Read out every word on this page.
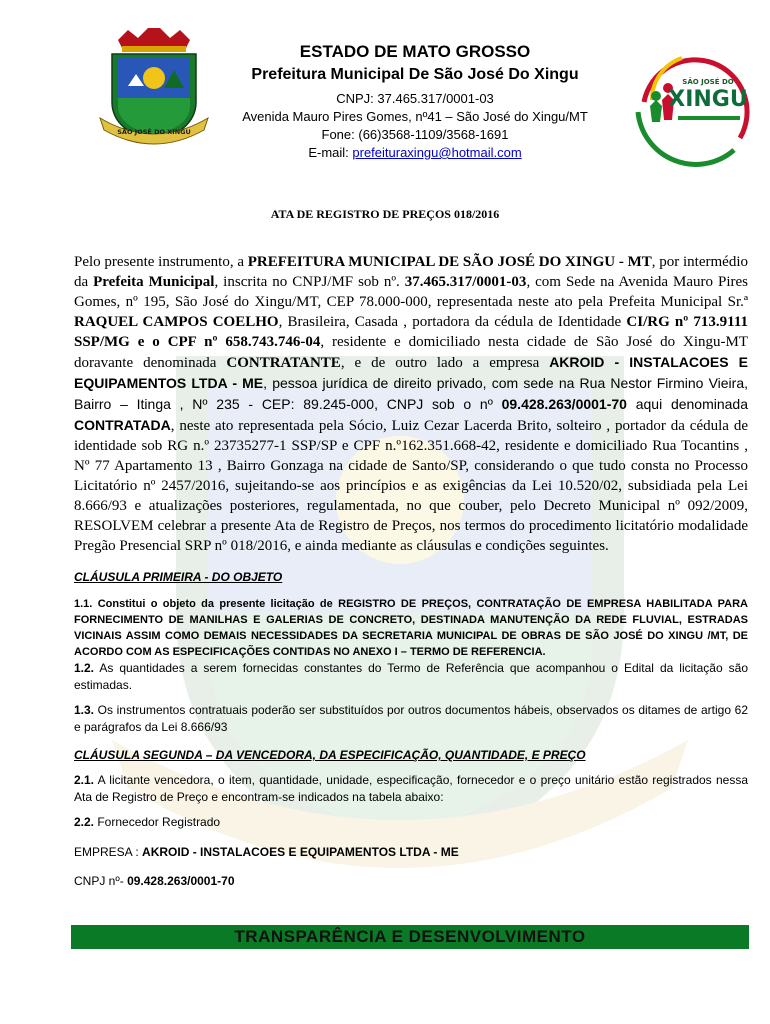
SÃO JOSÉ DO XINGU
SÃO JOSÉ DO
XINGU
ESTADO DE MATO GROSSO
Prefeitura Municipal De São José Do Xingu
CNPJ: 37.465.317/0001-03
Avenida Mauro Pires Gomes, nº41 – São José do Xingu/MT
Fone: (66)3568-1109/3568-1691
E-mail: prefeituraxingu@hotmail.com
ATA DE REGISTRO DE PREÇOS 018/2016

Pelo presente instrumento, a PREFEITURA MUNICIPAL DE SÃO JOSÉ DO XINGU - MT, por intermédio da Prefeita Municipal, inscrita no CNPJ/MF sob nº. 37.465.317/0001-03, com Sede na Avenida Mauro Pires Gomes, nº 195, São José do Xingu/MT, CEP 78.000-000, representada neste ato pela Prefeita Municipal Sr.ª RAQUEL CAMPOS COELHO, Brasileira, Casada , portadora da cédula de Identidade CI/RG nº 713.9111 SSP/MG e o CPF nº 658.743.746-04, residente e domiciliado nesta cidade de São José do Xingu-MT doravante denominada CONTRATANTE, e de outro lado a empresa AKROID - INSTALACOES E EQUIPAMENTOS LTDA - ME, pessoa jurídica de direito privado, com sede na Rua Nestor Firmino Vieira, Bairro – Itinga , Nº 235 - CEP: 89.245-000, CNPJ sob o nº 09.428.263/0001-70 aqui denominada CONTRATADA, neste ato representada pela Sócio, Luiz Cezar Lacerda Brito, solteiro , portador da cédula de identidade sob RG n.º 23735277-1 SSP/SP e CPF n.º162.351.668-42, residente e domiciliado Rua Tocantins , Nº 77 Apartamento 13 , Bairro Gonzaga na cidade de Santo/SP, considerando o que tudo consta no Processo Licitatório nº 2457/2016, sujeitando-se aos princípios e as exigências da Lei 10.520/02, subsidiada pela Lei 8.666/93 e atualizações posteriores, regulamentada, no que couber, pelo Decreto Municipal nº 092/2009, RESOLVEM celebrar a presente Ata de Registro de Preços, nos termos do procedimento licitatório modalidade Pregão Presencial SRP nº 018/2016, e ainda mediante as cláusulas e condições seguintes.

CLÁUSULA PRIMEIRA - DO OBJETO

1.1. Constitui o objeto da presente licitação de REGISTRO DE PREÇOS, CONTRATAÇÃO DE EMPRESA HABILITADA PARA FORNECIMENTO DE MANILHAS E GALERIAS DE CONCRETO, DESTINADA MANUTENÇÃO DA REDE FLUVIAL, ESTRADAS VICINAIS ASSIM COMO DEMAIS NECESSIDADES DA SECRETARIA MUNICIPAL DE OBRAS DE SÃO JOSÉ DO XINGU /MT, DE ACORDO COM AS ESPECIFICAÇÕES CONTIDAS NO ANEXO I – TERMO DE REFERENCIA.

1.2. As quantidades a serem fornecidas constantes do Termo de Referência que acompanhou o Edital da licitação são estimadas.

1.3. Os instrumentos contratuais poderão ser substituídos por outros documentos hábeis, observados os ditames de artigo 62 e parágrafos da Lei 8.666/93

CLÁUSULA SEGUNDA – DA VENCEDORA, DA ESPECIFICAÇÃO, QUANTIDADE, E PREÇO

2.1. A licitante vencedora, o item, quantidade, unidade, especificação, fornecedor e o preço unitário estão registrados nessa Ata de Registro de Preço e encontram-se indicados na tabela abaixo:

2.2. Fornecedor Registrado

EMPRESA : AKROID - INSTALACOES E EQUIPAMENTOS LTDA - ME

CNPJ nº- 09.428.263/0001-70

TRANSPARÊNCIA E DESENVOLVIMENTO
